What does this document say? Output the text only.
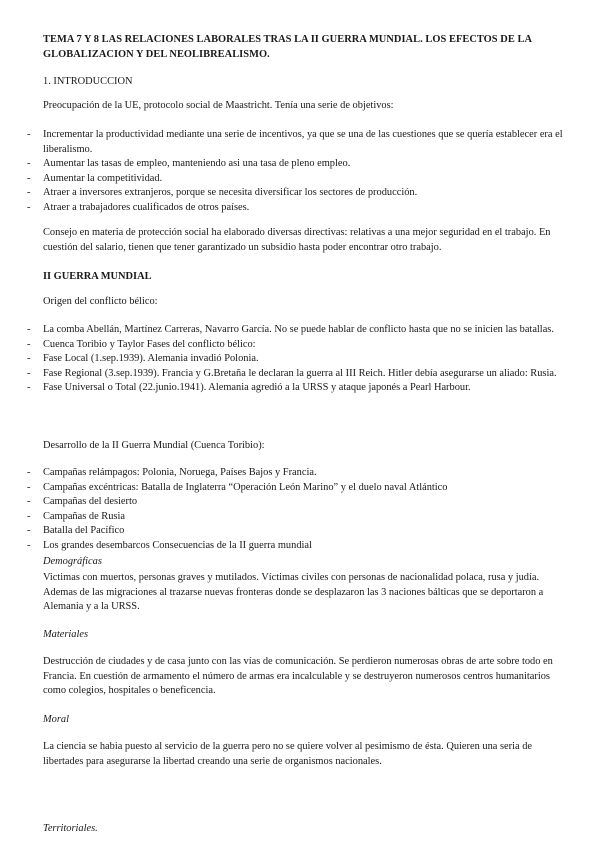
TEMA 7 Y 8 LAS RELACIONES LABORALES TRAS LA II GUERRA MUNDIAL. LOS EFECTOS DE LA GLOBALIZACION Y DEL NEOLIBREALISMO.

1. INTRODUCCION

Preocupación de la UE, protocolo social de Maastricht. Tenía una serie de objetivos:

- Incrementar la productividad mediante una serie de incentivos, ya que se una de las cuestiones que se quería establecer era el liberalismo.
- Aumentar las tasas de empleo, manteniendo asi una tasa de pleno empleo.
- Aumentar la competitividad.
- Atraer a inversores extranjeros, porque se necesita diversificar los sectores de producción.
- Atraer a trabajadores cualificados de otros países.

Consejo en materia de protección social ha elaborado diversas directivas: relativas a una mejor seguridad en el trabajo. En cuestión del salario, tienen que tener garantizado un subsidio hasta poder encontrar otro trabajo.

II GUERRA MUNDIAL

Origen del conflicto bélico:

- La comba Abellán, Martínez Carreras, Navarro García. No se puede hablar de conflicto hasta que no se inicien las batallas.
- Cuenca Toribio y Taylor Fases del conflicto bélico:
- Fase Local (1.sep.1939). Alemania invadió Polonia.
- Fase Regional (3.sep.1939). Francia y G.Bretaña le declaran la guerra al III Reich. Hitler debía asegurarse un aliado: Rusia.
- Fase Universal o Total (22.junio.1941). Alemania agredió a la URSS y ataque japonés a Pearl Harbour.

Desarrollo de la II Guerra Mundial (Cuenca Toribio):

- Campañas relámpagos: Polonia, Noruega, Países Bajos y Francia.
- Campañas excéntricas: Batalla de Inglaterra “Operación León Marino” y el duelo naval Atlántico
- Campañas del desierto
- Campañas de Rusia
- Batalla del Pacífico
- Los grandes desembarcos Consecuencias de la II guerra mundial

Demográficas

Victimas con muertos, personas graves y mutilados. Víctimas civiles con personas de nacionalidad polaca, rusa y judía. Ademas de las migraciones al trazarse nuevas fronteras donde se desplazaron las 3 naciones bálticas que se deportaron a Alemania y a la URSS.

Materiales

Destrucción de ciudades y de casa junto con las vías de comunicación. Se perdieron numerosas obras de arte sobre todo en Francia. En cuestión de armamento el número de armas era incalculable y se destruyeron numerosos centros humanitarios como colegios, hospitales o beneficencia.

Moral

La ciencia se habia puesto al servicio de la guerra pero no se quiere volver al pesimismo de ésta. Quieren una seria de libertades para asegurarse la libertad creando una serie de organismos nacionales.

Territoriales.
